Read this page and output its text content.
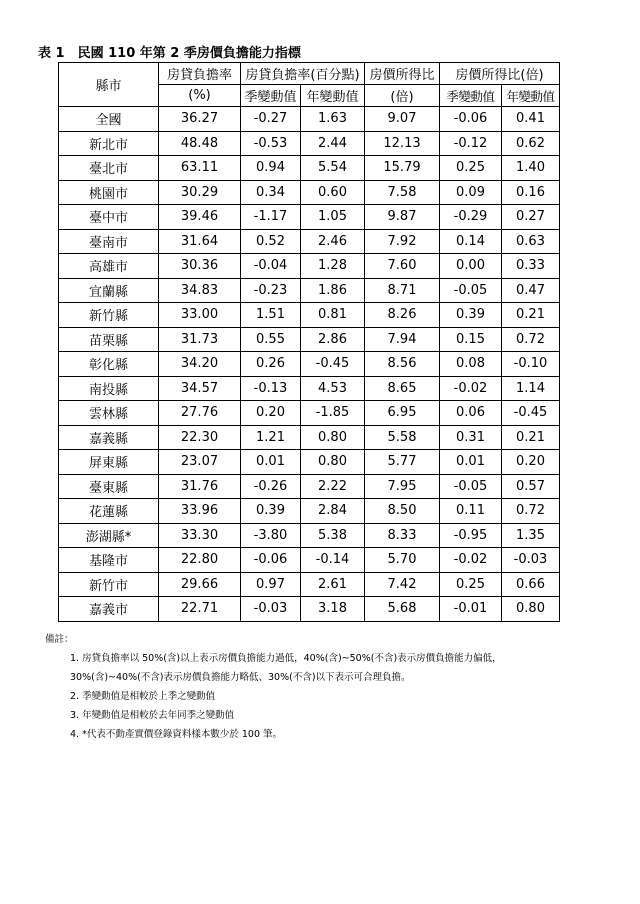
表 1　民國 110 年第 2 季房價負擔能力指標
縣市	房貸負擔率	房貸負擔率(百分點)		房價所得比	房價所得比(倍)	
	(%)	季變動值	年變動值	(倍)	季變動值	年變動值
全國	36.27	-0.27	1.63	9.07	-0.06	0.41
新北市	48.48	-0.53	2.44	12.13	-0.12	0.62
臺北市	63.11	0.94	5.54	15.79	0.25	1.40
桃園市	30.29	0.34	0.60	7.58	0.09	0.16
臺中市	39.46	-1.17	1.05	9.87	-0.29	0.27
臺南市	31.64	0.52	2.46	7.92	0.14	0.63
高雄市	30.36	-0.04	1.28	7.60	0.00	0.33
宜蘭縣	34.83	-0.23	1.86	8.71	-0.05	0.47
新竹縣	33.00	1.51	0.81	8.26	0.39	0.21
苗栗縣	31.73	0.55	2.86	7.94	0.15	0.72
彰化縣	34.20	0.26	-0.45	8.56	0.08	-0.10
南投縣	34.57	-0.13	4.53	8.65	-0.02	1.14
雲林縣	27.76	0.20	-1.85	6.95	0.06	-0.45
嘉義縣	22.30	1.21	0.80	5.58	0.31	0.21
屏東縣	23.07	0.01	0.80	5.77	0.01	0.20
臺東縣	31.76	-0.26	2.22	7.95	-0.05	0.57
花蓮縣	33.96	0.39	2.84	8.50	0.11	0.72
澎湖縣*	33.30	-3.80	5.38	8.33	-0.95	1.35
基隆市	22.80	-0.06	-0.14	5.70	-0.02	-0.03
新竹市	29.66	0.97	2.61	7.42	0.25	0.66
嘉義市	22.71	-0.03	3.18	5.68	-0.01	0.80
備註：
1. 房貸負擔率以 50%(含)以上表示房價負擔能力過低，40%(含)~50%(不含)表示房價負擔能力偏低，
30%(含)~40%(不含)表示房價負擔能力略低、30%(不含)以下表示可合理負擔。
2. 季變動值是相較於上季之變動值
3. 年變動值是相較於去年同季之變動值
4. *代表不動產實價登錄資料樣本數少於 100 筆。
